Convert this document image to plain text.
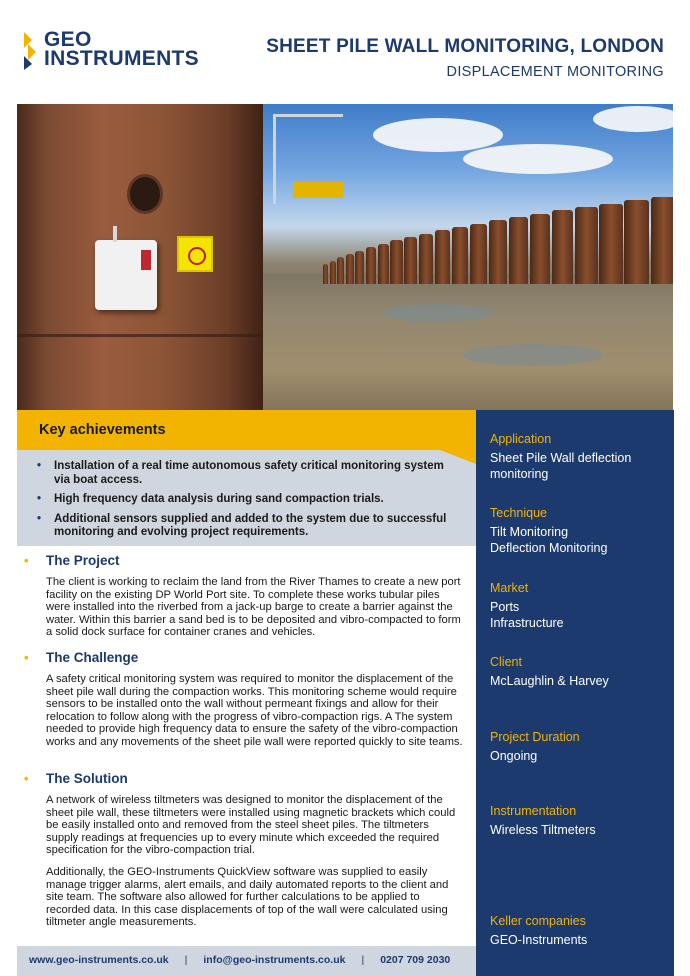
GEO
INSTRUMENTS
SHEET PILE WALL MONITORING, LONDON
DISPLACEMENT MONITORING
Key achievements
• Installation of a real time autonomous safety critical monitoring system via boat access.
• High frequency data analysis during sand compaction trials.
• Additional sensors supplied and added to the system due to successful monitoring and evolving project requirements.
• The Project
The client is working to reclaim the land from the River Thames to create a new port facility on the existing DP World Port site. To complete these works tubular piles were installed into the riverbed from a jack-up barge to create a barrier against the water. Within this barrier a sand bed is to be deposited and vibro-compacted to form a solid dock surface for container cranes and vehicles.
• The Challenge
A safety critical monitoring system was required to monitor the displacement of the sheet pile wall during the compaction works. This monitoring scheme would require sensors to be installed onto the wall without permeant fixings and allow for their relocation to follow along with the progress of vibro-compaction rigs. A The system needed to provide high frequency data to ensure the safety of the vibro-compaction works and any movements of the sheet pile wall were reported quickly to site teams.
• The Solution
A network of wireless tiltmeters was designed to monitor the displacement of the sheet pile wall, these tiltmeters were installed using magnetic brackets which could be easily installed onto and removed from the steel sheet piles. The tiltmeters supply readings at frequencies up to every minute which exceeded the required specification for the vibro-compaction trial.
Additionally, the GEO-Instruments QuickView software was supplied to easily manage trigger alarms, alert emails, and daily automated reports to the client and site team. The software also allowed for further calculations to be applied to recorded data. In this case displacements of top of the wall were calculated using tiltmeter angle measurements.
Application
Sheet Pile Wall deflection monitoring
Technique
Tilt Monitoring
Deflection Monitoring
Market
Ports
Infrastructure
Client
McLaughlin & Harvey
Project Duration
Ongoing
Instrumentation
Wireless Tiltmeters
Keller companies
GEO-Instruments
www.geo-instruments.co.uk | info@geo-instruments.co.uk | 0207 709 2030
